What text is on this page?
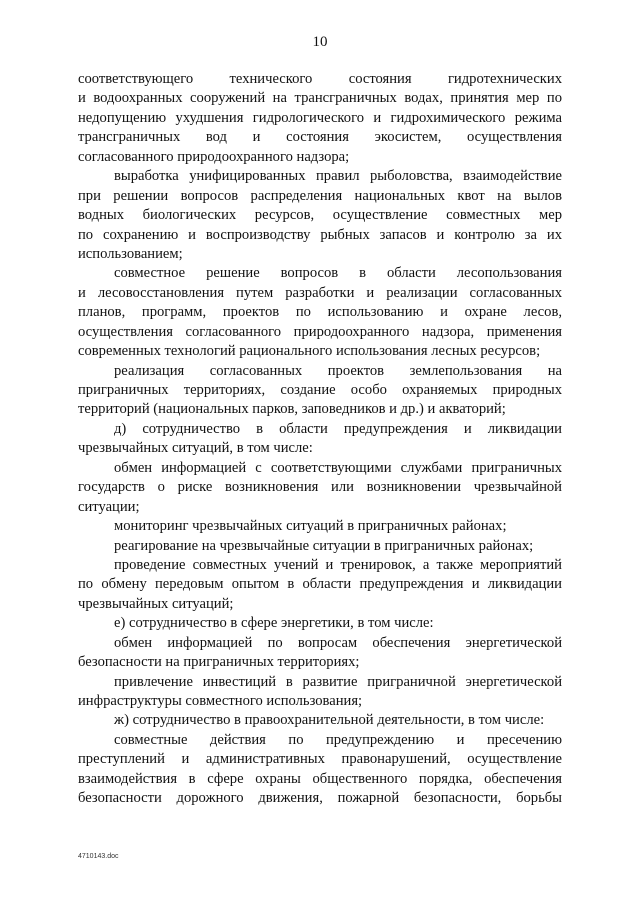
10
соответствующего технического состояния гидротехнических
и водоохранных сооружений на трансграничных водах, принятия мер по
недопущению ухудшения гидрологического и гидрохимического режима
трансграничных вод и состояния экосистем, осуществления
согласованного природоохранного надзора;
выработка унифицированных правил рыболовства, взаимодействие
при решении вопросов распределения национальных квот на вылов
водных биологических ресурсов, осуществление совместных мер
по сохранению и воспроизводству рыбных запасов и контролю за их
использованием;
совместное решение вопросов в области лесопользования
и лесовосстановления путем разработки и реализации согласованных
планов, программ, проектов по использованию и охране лесов,
осуществления согласованного природоохранного надзора, применения
современных технологий рационального использования лесных ресурсов;
реализация согласованных проектов землепользования на
приграничных территориях, создание особо охраняемых природных
территорий (национальных парков, заповедников и др.) и акваторий;
д) сотрудничество в области предупреждения и ликвидации
чрезвычайных ситуаций, в том числе:
обмен информацией с соответствующими службами приграничных
государств о риске возникновения или возникновении чрезвычайной
ситуации;
мониторинг чрезвычайных ситуаций в приграничных районах;
реагирование на чрезвычайные ситуации в приграничных районах;
проведение совместных учений и тренировок, а также мероприятий
по обмену передовым опытом в области предупреждения и ликвидации
чрезвычайных ситуаций;
е) сотрудничество в сфере энергетики, в том числе:
обмен информацией по вопросам обеспечения энергетической
безопасности на приграничных территориях;
привлечение инвестиций в развитие приграничной энергетической
инфраструктуры совместного использования;
ж) сотрудничество в правоохранительной деятельности, в том числе:
совместные действия по предупреждению и пресечению
преступлений и административных правонарушений, осуществление
взаимодействия в сфере охраны общественного порядка, обеспечения
безопасности дорожного движения, пожарной безопасности, борьбы
4710143.doc
